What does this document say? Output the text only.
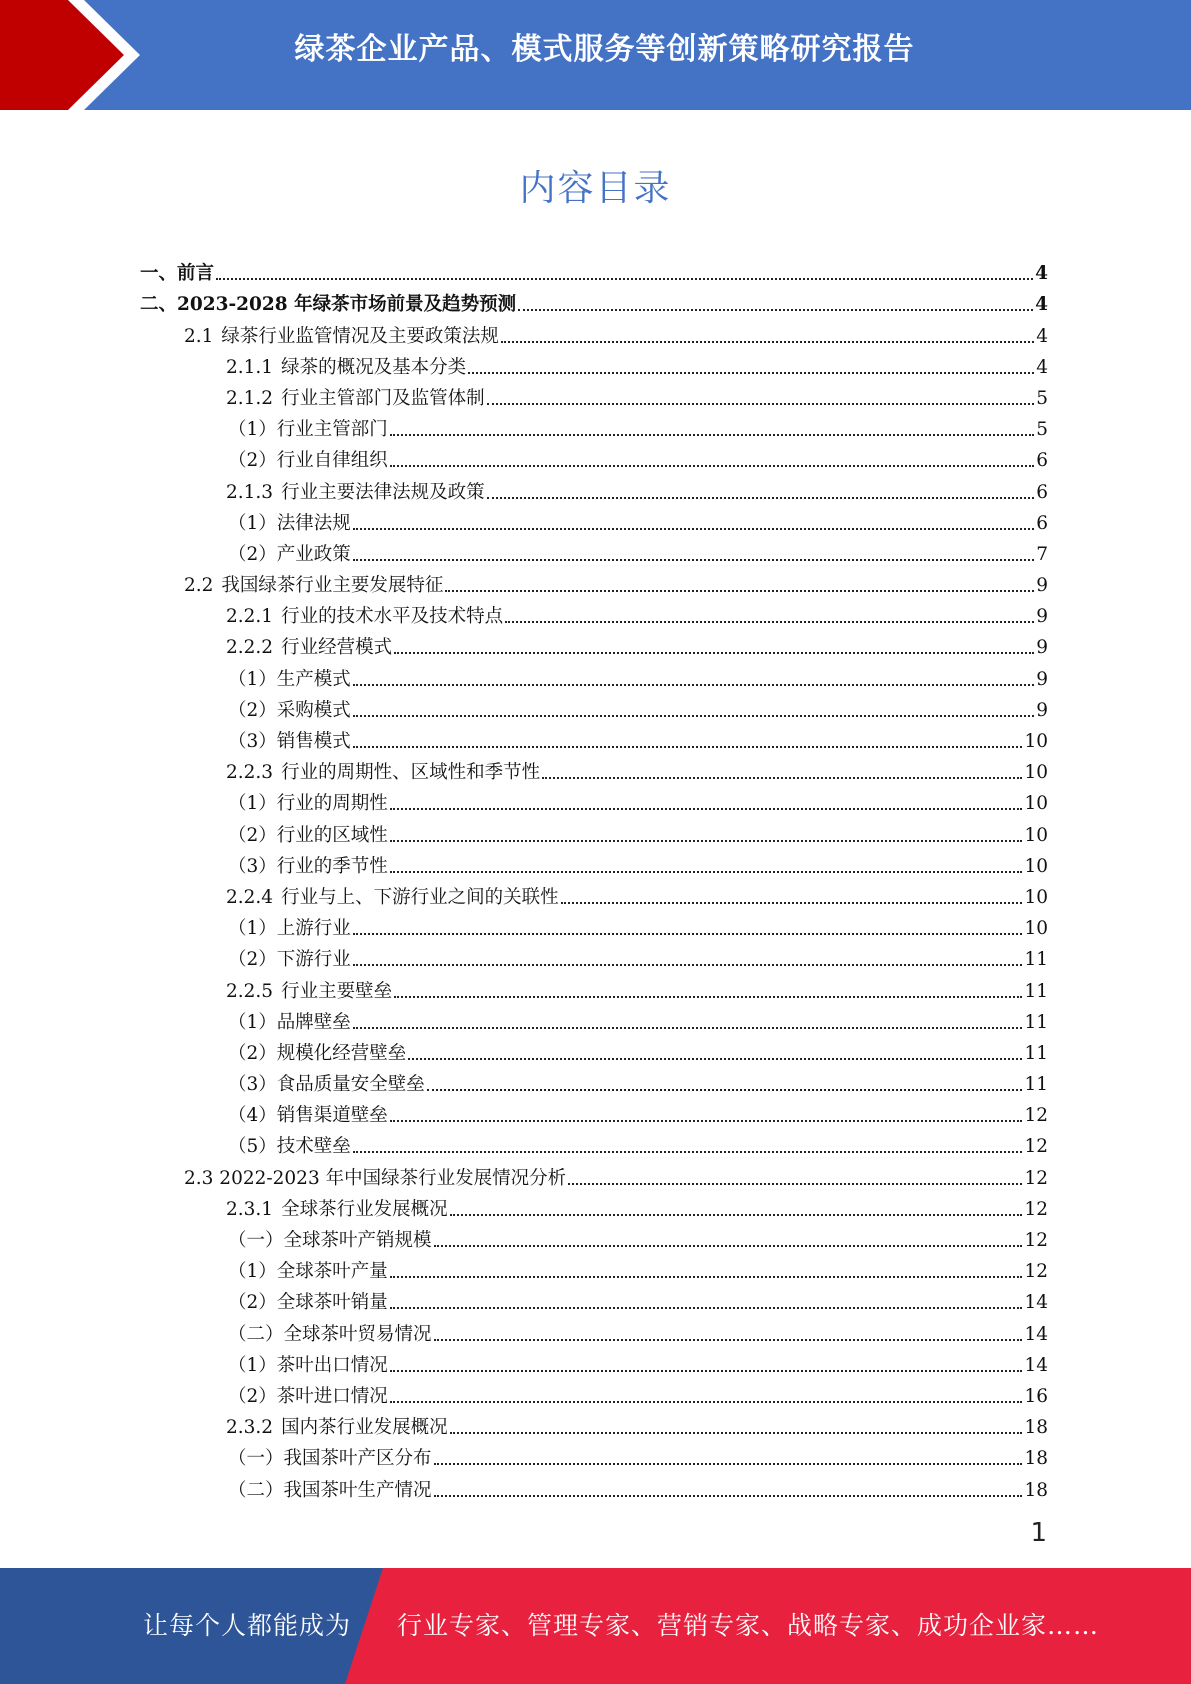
绿茶企业产品、模式服务等创新策略研究报告
内容目录
一、前言	4
二、2023-2028 年绿茶市场前景及趋势预测	4
2.1 绿茶行业监管情况及主要政策法规	4
2.1.1 绿茶的概况及基本分类	4
2.1.2 行业主管部门及监管体制	5
（1）行业主管部门	5
（2）行业自律组织	6
2.1.3 行业主要法律法规及政策	6
（1）法律法规	6
（2）产业政策	7
2.2 我国绿茶行业主要发展特征	9
2.2.1 行业的技术水平及技术特点	9
2.2.2 行业经营模式	9
（1）生产模式	9
（2）采购模式	9
（3）销售模式	10
2.2.3 行业的周期性、区域性和季节性	10
（1）行业的周期性	10
（2）行业的区域性	10
（3）行业的季节性	10
2.2.4 行业与上、下游行业之间的关联性	10
（1）上游行业	10
（2）下游行业	11
2.2.5 行业主要壁垒	11
（1）品牌壁垒	11
（2）规模化经营壁垒	11
（3）食品质量安全壁垒	11
（4）销售渠道壁垒	12
（5）技术壁垒	12
2.3 2022-2023 年中国绿茶行业发展情况分析	12
2.3.1 全球茶行业发展概况	12
（一）全球茶叶产销规模	12
（1）全球茶叶产量	12
（2）全球茶叶销量	14
（二）全球茶叶贸易情况	14
（1）茶叶出口情况	14
（2）茶叶进口情况	16
2.3.2 国内茶行业发展概况	18
（一）我国茶叶产区分布	18
（二）我国茶叶生产情况	18
1
让每个人都能成为 行业专家、管理专家、营销专家、战略专家、成功企业家……
